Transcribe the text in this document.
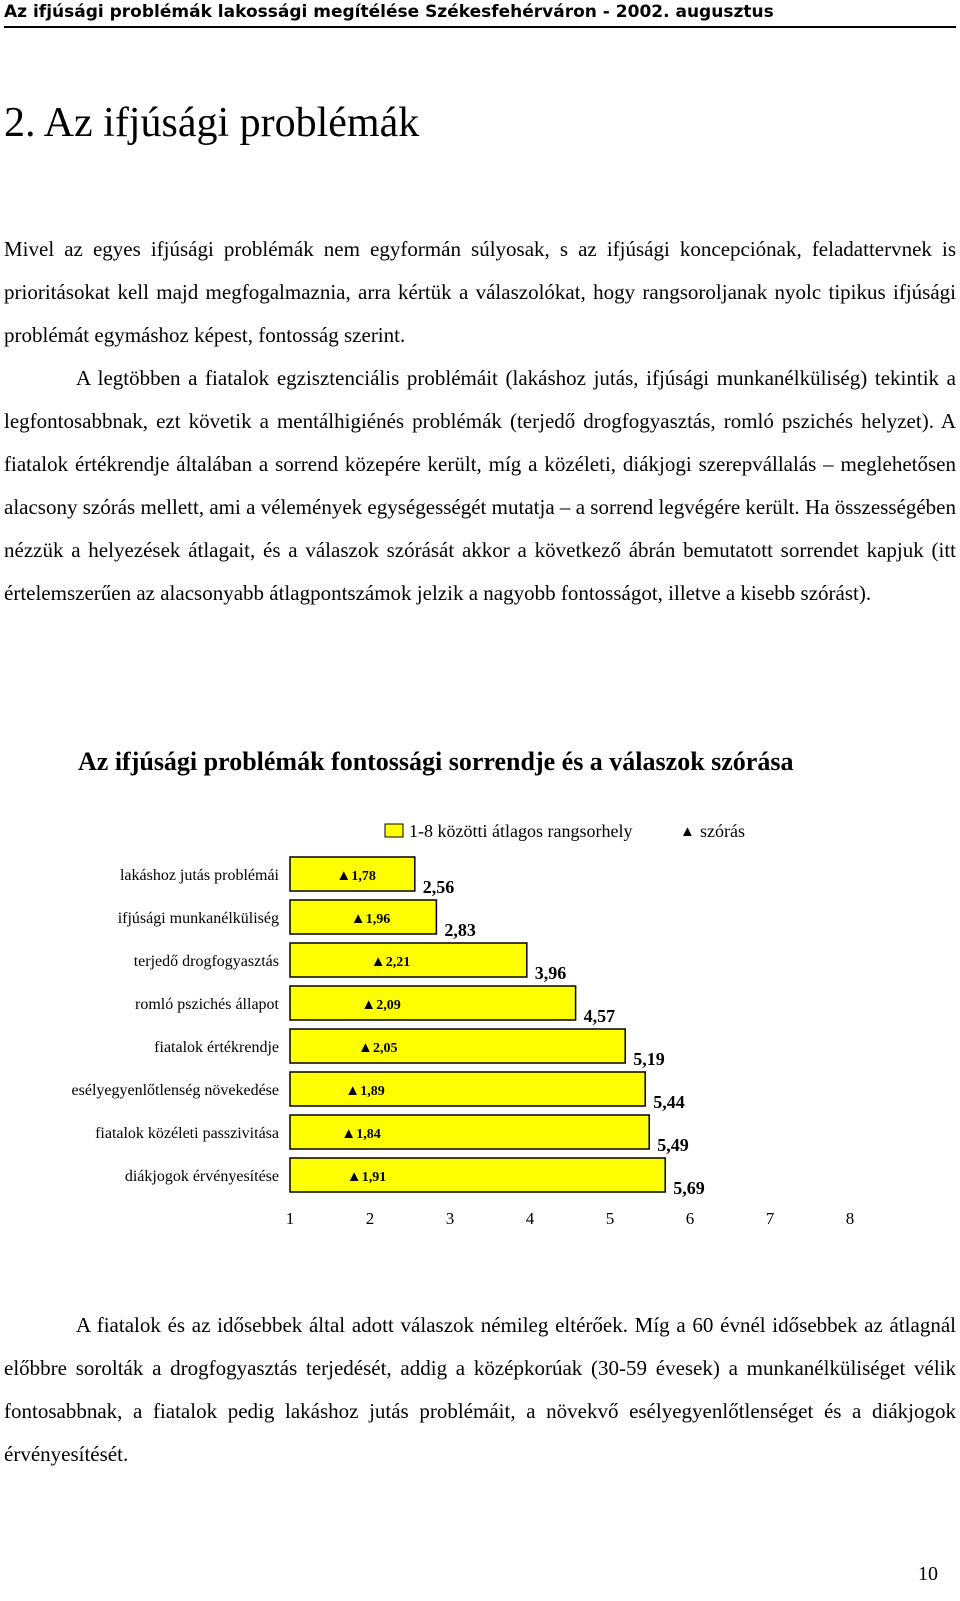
Az ifjúsági problémák lakossági megítélése Székesfehérváron - 2002. augusztus
2. Az ifjúsági problémák

Mivel az egyes ifjúsági problémák nem egyformán súlyosak, s az ifjúsági koncepciónak, feladattervnek is prioritásokat kell majd megfogalmaznia, arra kértük a válaszolókat, hogy rangsoroljanak nyolc tipikus ifjúsági problémát egymáshoz képest, fontosság szerint.
A legtöbben a fiatalok egzisztenciális problémáit (lakáshoz jutás, ifjúsági munkanélküliség) tekintik a legfontosabbnak, ezt követik a mentálhigiénés problémák (terjedő drogfogyasztás, romló pszichés helyzet). A fiatalok értékrendje általában a sorrend közepére került, míg a közéleti, diákjogi szerepvállalás – meglehetősen alacsony szórás mellett, ami a vélemények egységességét mutatja – a sorrend legvégére került. Ha összességében nézzük a helyezések átlagait, és a válaszok szórását akkor a következő ábrán bemutatott sorrendet kapjuk (itt értelemszerűen az alacsonyabb átlagpontszámok jelzik a nagyobb fontosságot, illetve a kisebb szórást).

Az ifjúsági problémák fontossági sorrendje és a válaszok szórása
1-8 közötti átlagos rangsorhely	▲ szórás
lakáshoz jutás problémái
2,56
▲ 1,78
ifjúsági munkanélküliség
2,83
▲ 1,96
terjedő drogfogyasztás
3,96
▲ 2,21
romló pszichés állapot
4,57
▲ 2,09
fiatalok értékrendje
5,19
▲ 2,05
esélyegyenlőtlenség növekedése
5,44
▲ 1,89
fiatalok közéleti passzivitása
5,49
▲ 1,84
diákjogok érvényesítése
5,69
▲ 1,91
1	2	3	4	5	6	7	8

A fiatalok és az idősebbek által adott válaszok némileg eltérőek. Míg a 60 évnél idősebbek az átlagnál előbbre sorolták a drogfogyasztás terjedését, addig a középkorúak (30-59 évesek) a munkanélküliséget vélik fontosabbnak, a fiatalok pedig lakáshoz jutás problémáit, a növekvő esélyegyenlőtlenséget és a diákjogok érvényesítését.

10
